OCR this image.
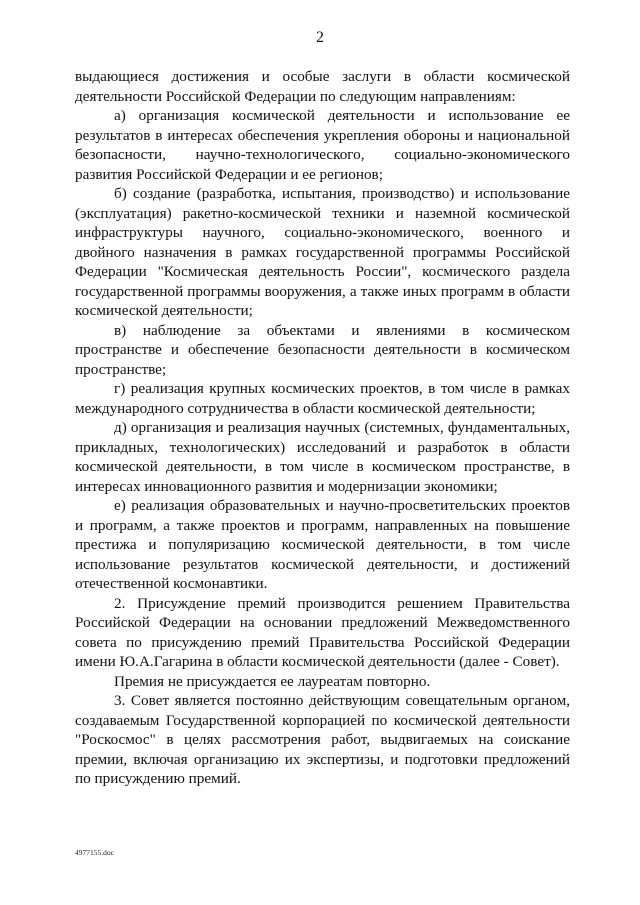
2

выдающиеся достижения и особые заслуги в области космической деятельности Российской Федерации по следующим направлениям:

а) организация космической деятельности и использование ее результатов в интересах обеспечения укрепления обороны и национальной безопасности, научно-технологического, социально-экономического развития Российской Федерации и ее регионов;

б) создание (разработка, испытания, производство) и использование (эксплуатация) ракетно-космической техники и наземной космической инфраструктуры научного, социально-экономического, военного и двойного назначения в рамках государственной программы Российской Федерации "Космическая деятельность России", космического раздела государственной программы вооружения, а также иных программ в области космической деятельности;

в) наблюдение за объектами и явлениями в космическом пространстве и обеспечение безопасности деятельности в космическом пространстве;

г) реализация крупных космических проектов, в том числе в рамках международного сотрудничества в области космической деятельности;

д) организация и реализация научных (системных, фундаментальных, прикладных, технологических) исследований и разработок в области космической деятельности, в том числе в космическом пространстве, в интересах инновационного развития и модернизации экономики;

е) реализация образовательных и научно-просветительских проектов и программ, а также проектов и программ, направленных на повышение престижа и популяризацию космической деятельности, в том числе использование результатов космической деятельности, и достижений отечественной космонавтики.

2. Присуждение премий производится решением Правительства Российской Федерации на основании предложений Межведомственного совета по присуждению премий Правительства Российской Федерации имени Ю.А.Гагарина в области космической деятельности (далее - Совет).

Премия не присуждается ее лауреатам повторно.

3. Совет является постоянно действующим совещательным органом, создаваемым Государственной корпорацией по космической деятельности "Роскосмос" в целях рассмотрения работ, выдвигаемых на соискание премии, включая организацию их экспертизы, и подготовки предложений по присуждению премий.

4977155.doc
